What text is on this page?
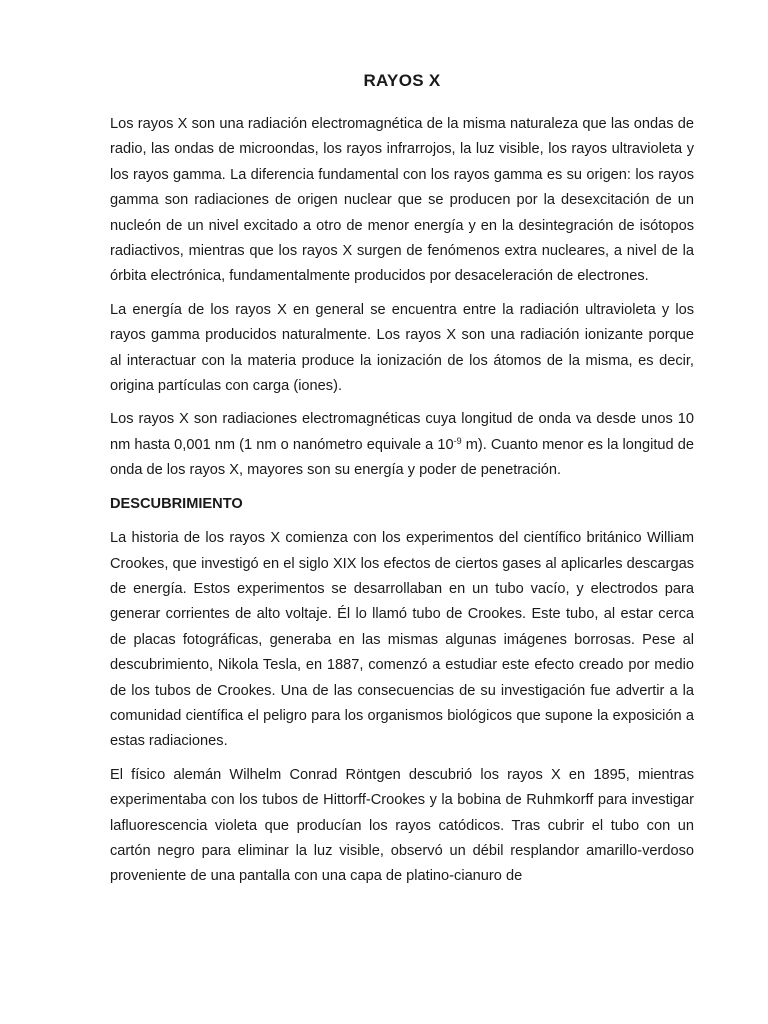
RAYOS X

Los rayos X son una radiación electromagnética de la misma naturaleza que las ondas de radio, las ondas de microondas, los rayos infrarrojos, la luz visible, los rayos ultravioleta y los rayos gamma. La diferencia fundamental con los rayos gamma es su origen: los rayos gamma son radiaciones de origen nuclear que se producen por la desexcitación de un nucleón de un nivel excitado a otro de menor energía y en la desintegración de isótopos radiactivos, mientras que los rayos X surgen de fenómenos extra nucleares, a nivel de la órbita electrónica, fundamentalmente producidos por desaceleración de electrones.

La energía de los rayos X en general se encuentra entre la radiación ultravioleta y los rayos gamma producidos naturalmente. Los rayos X son una radiación ionizante porque al interactuar con la materia produce la ionización de los átomos de la misma, es decir, origina partículas con carga (iones).

Los rayos X son radiaciones electromagnéticas cuya longitud de onda va desde unos 10 nm hasta 0,001 nm (1 nm o nanómetro equivale a $10^{-9}$ m). Cuanto menor es la longitud de onda de los rayos X, mayores son su energía y poder de penetración.

DESCUBRIMIENTO

La historia de los rayos X comienza con los experimentos del científico británico William Crookes, que investigó en el siglo XIX los efectos de ciertos gases al aplicarles descargas de energía. Estos experimentos se desarrollaban en un tubo vacío, y electrodos para generar corrientes de alto voltaje. Él lo llamó tubo de Crookes. Este tubo, al estar cerca de placas fotográficas, generaba en las mismas algunas imágenes borrosas. Pese al descubrimiento, Nikola Tesla, en 1887, comenzó a estudiar este efecto creado por medio de los tubos de Crookes. Una de las consecuencias de su investigación fue advertir a la comunidad científica el peligro para los organismos biológicos que supone la exposición a estas radiaciones.

El físico alemán Wilhelm Conrad Röntgen descubrió los rayos X en 1895, mientras experimentaba con los tubos de Hittorff-Crookes y la bobina de Ruhmkorff para investigar lafluorescencia violeta que producían los rayos catódicos. Tras cubrir el tubo con un cartón negro para eliminar la luz visible, observó un débil resplandor amarillo-verdoso proveniente de una pantalla con una capa de platino-cianuro de
